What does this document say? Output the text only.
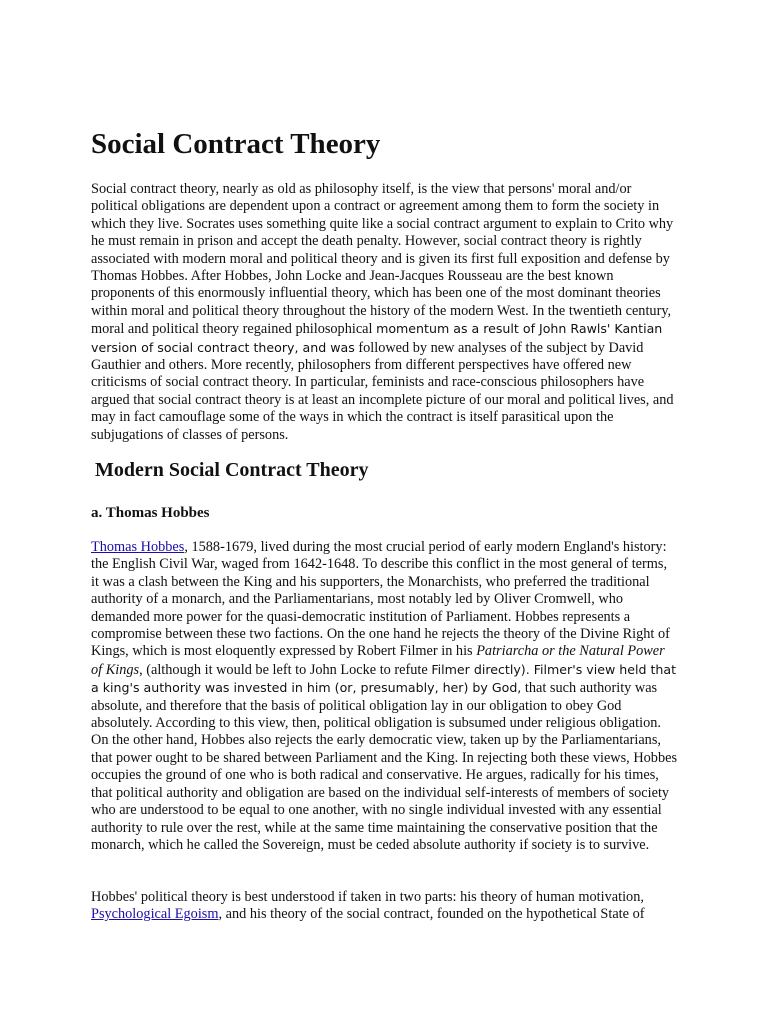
Social Contract Theory

Social contract theory, nearly as old as philosophy itself, is the view that persons' moral and/or political obligations are dependent upon a contract or agreement among them to form the society in which they live. Socrates uses something quite like a social contract argument to explain to Crito why he must remain in prison and accept the death penalty. However, social contract theory is rightly associated with modern moral and political theory and is given its first full exposition and defense by Thomas Hobbes. After Hobbes, John Locke and Jean-Jacques Rousseau are the best known proponents of this enormously influential theory, which has been one of the most dominant theories within moral and political theory throughout the history of the modern West. In the twentieth century, moral and political theory regained philosophical momentum as a result of John Rawls' Kantian version of social contract theory, and was followed by new analyses of the subject by David Gauthier and others. More recently, philosophers from different perspectives have offered new criticisms of social contract theory. In particular, feminists and race-conscious philosophers have argued that social contract theory is at least an incomplete picture of our moral and political lives, and may in fact camouflage some of the ways in which the contract is itself parasitical upon the subjugations of classes of persons.

Modern Social Contract Theory
a. Thomas Hobbes

Thomas Hobbes, 1588-1679, lived during the most crucial period of early modern England's history: the English Civil War, waged from 1642-1648. To describe this conflict in the most general of terms, it was a clash between the King and his supporters, the Monarchists, who preferred the traditional authority of a monarch, and the Parliamentarians, most notably led by Oliver Cromwell, who demanded more power for the quasi-democratic institution of Parliament. Hobbes represents a compromise between these two factions. On the one hand he rejects the theory of the Divine Right of Kings, which is most eloquently expressed by Robert Filmer in his Patriarcha or the Natural Power of Kings, (although it would be left to John Locke to refute Filmer directly). Filmer's view held that a king's authority was invested in him (or, presumably, her) by God, that such authority was absolute, and therefore that the basis of political obligation lay in our obligation to obey God absolutely. According to this view, then, political obligation is subsumed under religious obligation. On the other hand, Hobbes also rejects the early democratic view, taken up by the Parliamentarians, that power ought to be shared between Parliament and the King. In rejecting both these views, Hobbes occupies the ground of one who is both radical and conservative. He argues, radically for his times, that political authority and obligation are based on the individual self-interests of members of society who are understood to be equal to one another, with no single individual invested with any essential authority to rule over the rest, while at the same time maintaining the conservative position that the monarch, which he called the Sovereign, must be ceded absolute authority if society is to survive.

Hobbes' political theory is best understood if taken in two parts: his theory of human motivation, Psychological Egoism, and his theory of the social contract, founded on the hypothetical State of
